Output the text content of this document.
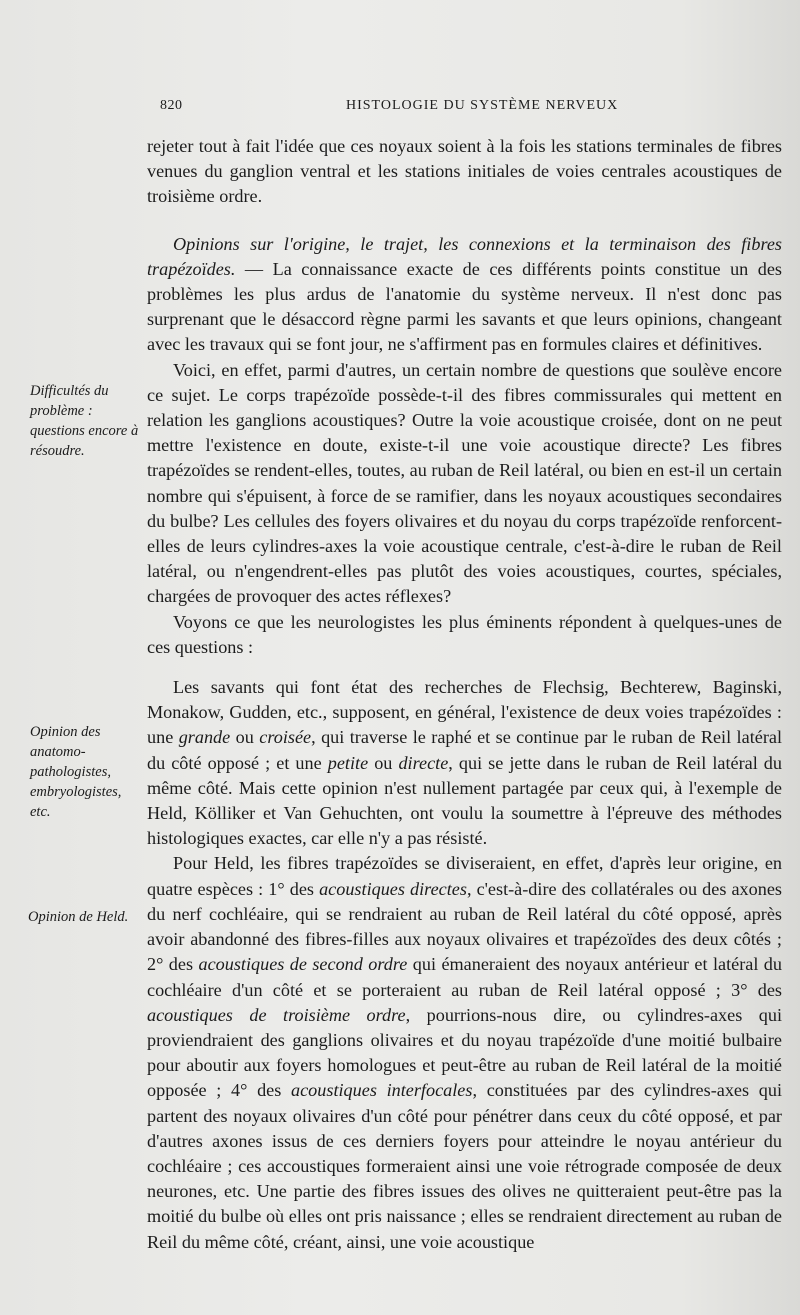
820	HISTOLOGIE DU SYSTÈME NERVEUX
Difficultés du problème : questions encore à résoudre.
Opinion des anatomo-pathologistes, embryologistes, etc.
Opinion de Held.

rejeter tout à fait l'idée que ces noyaux soient à la fois les stations terminales de fibres venues du ganglion ventral et les stations initiales de voies centrales acoustiques de troisième ordre.

Opinions sur l'origine, le trajet, les connexions et la terminaison des fibres trapézoïdes. — La connaissance exacte de ces différents points constitue un des problèmes les plus ardus de l'anatomie du système nerveux. Il n'est donc pas surprenant que le désaccord règne parmi les savants et que leurs opinions, changeant avec les travaux qui se font jour, ne s'affirment pas en formules claires et définitives.

Voici, en effet, parmi d'autres, un certain nombre de questions que soulève encore ce sujet. Le corps trapézoïde possède-t-il des fibres commissurales qui mettent en relation les ganglions acoustiques? Outre la voie acoustique croisée, dont on ne peut mettre l'existence en doute, existe-t-il une voie acoustique directe? Les fibres trapézoïdes se rendent-elles, toutes, au ruban de Reil latéral, ou bien en est-il un certain nombre qui s'épuisent, à force de se ramifier, dans les noyaux acoustiques secondaires du bulbe? Les cellules des foyers olivaires et du noyau du corps trapézoïde renforcent-elles de leurs cylindres-axes la voie acoustique centrale, c'est-à-dire le ruban de Reil latéral, ou n'engendrent-elles pas plutôt des voies acoustiques, courtes, spéciales, chargées de provoquer des actes réflexes?

Voyons ce que les neurologistes les plus éminents répondent à quelques-unes de ces questions :

Les savants qui font état des recherches de Flechsig, Bechterew, Baginski, Monakow, Gudden, etc., supposent, en général, l'existence de deux voies trapézoïdes : une grande ou croisée, qui traverse le raphé et se continue par le ruban de Reil latéral du côté opposé ; et une petite ou directe, qui se jette dans le ruban de Reil latéral du même côté. Mais cette opinion n'est nullement partagée par ceux qui, à l'exemple de Held, Kölliker et Van Gehuchten, ont voulu la soumettre à l'épreuve des méthodes histologiques exactes, car elle n'y a pas résisté.

Pour Held, les fibres trapézoïdes se diviseraient, en effet, d'après leur origine, en quatre espèces : 1° des acoustiques directes, c'est-à-dire des collatérales ou des axones du nerf cochléaire, qui se rendraient au ruban de Reil latéral du côté opposé, après avoir abandonné des fibres-filles aux noyaux olivaires et trapézoïdes des deux côtés ; 2° des acoustiques de second ordre qui émaneraient des noyaux antérieur et latéral du cochléaire d'un côté et se porteraient au ruban de Reil latéral opposé ; 3° des acoustiques de troisième ordre, pourrions-nous dire, ou cylindres-axes qui proviendraient des ganglions olivaires et du noyau trapézoïde d'une moitié bulbaire pour aboutir aux foyers homologues et peut-être au ruban de Reil latéral de la moitié opposée ; 4° des acoustiques interfocales, constituées par des cylindres-axes qui partent des noyaux olivaires d'un côté pour pénétrer dans ceux du côté opposé, et par d'autres axones issus de ces derniers foyers pour atteindre le noyau antérieur du cochléaire ; ces accoustiques formeraient ainsi une voie rétrograde composée de deux neurones, etc. Une partie des fibres issues des olives ne quitteraient peut-être pas la moitié du bulbe où elles ont pris naissance ; elles se rendraient directement au ruban de Reil du même côté, créant, ainsi, une voie acoustique
